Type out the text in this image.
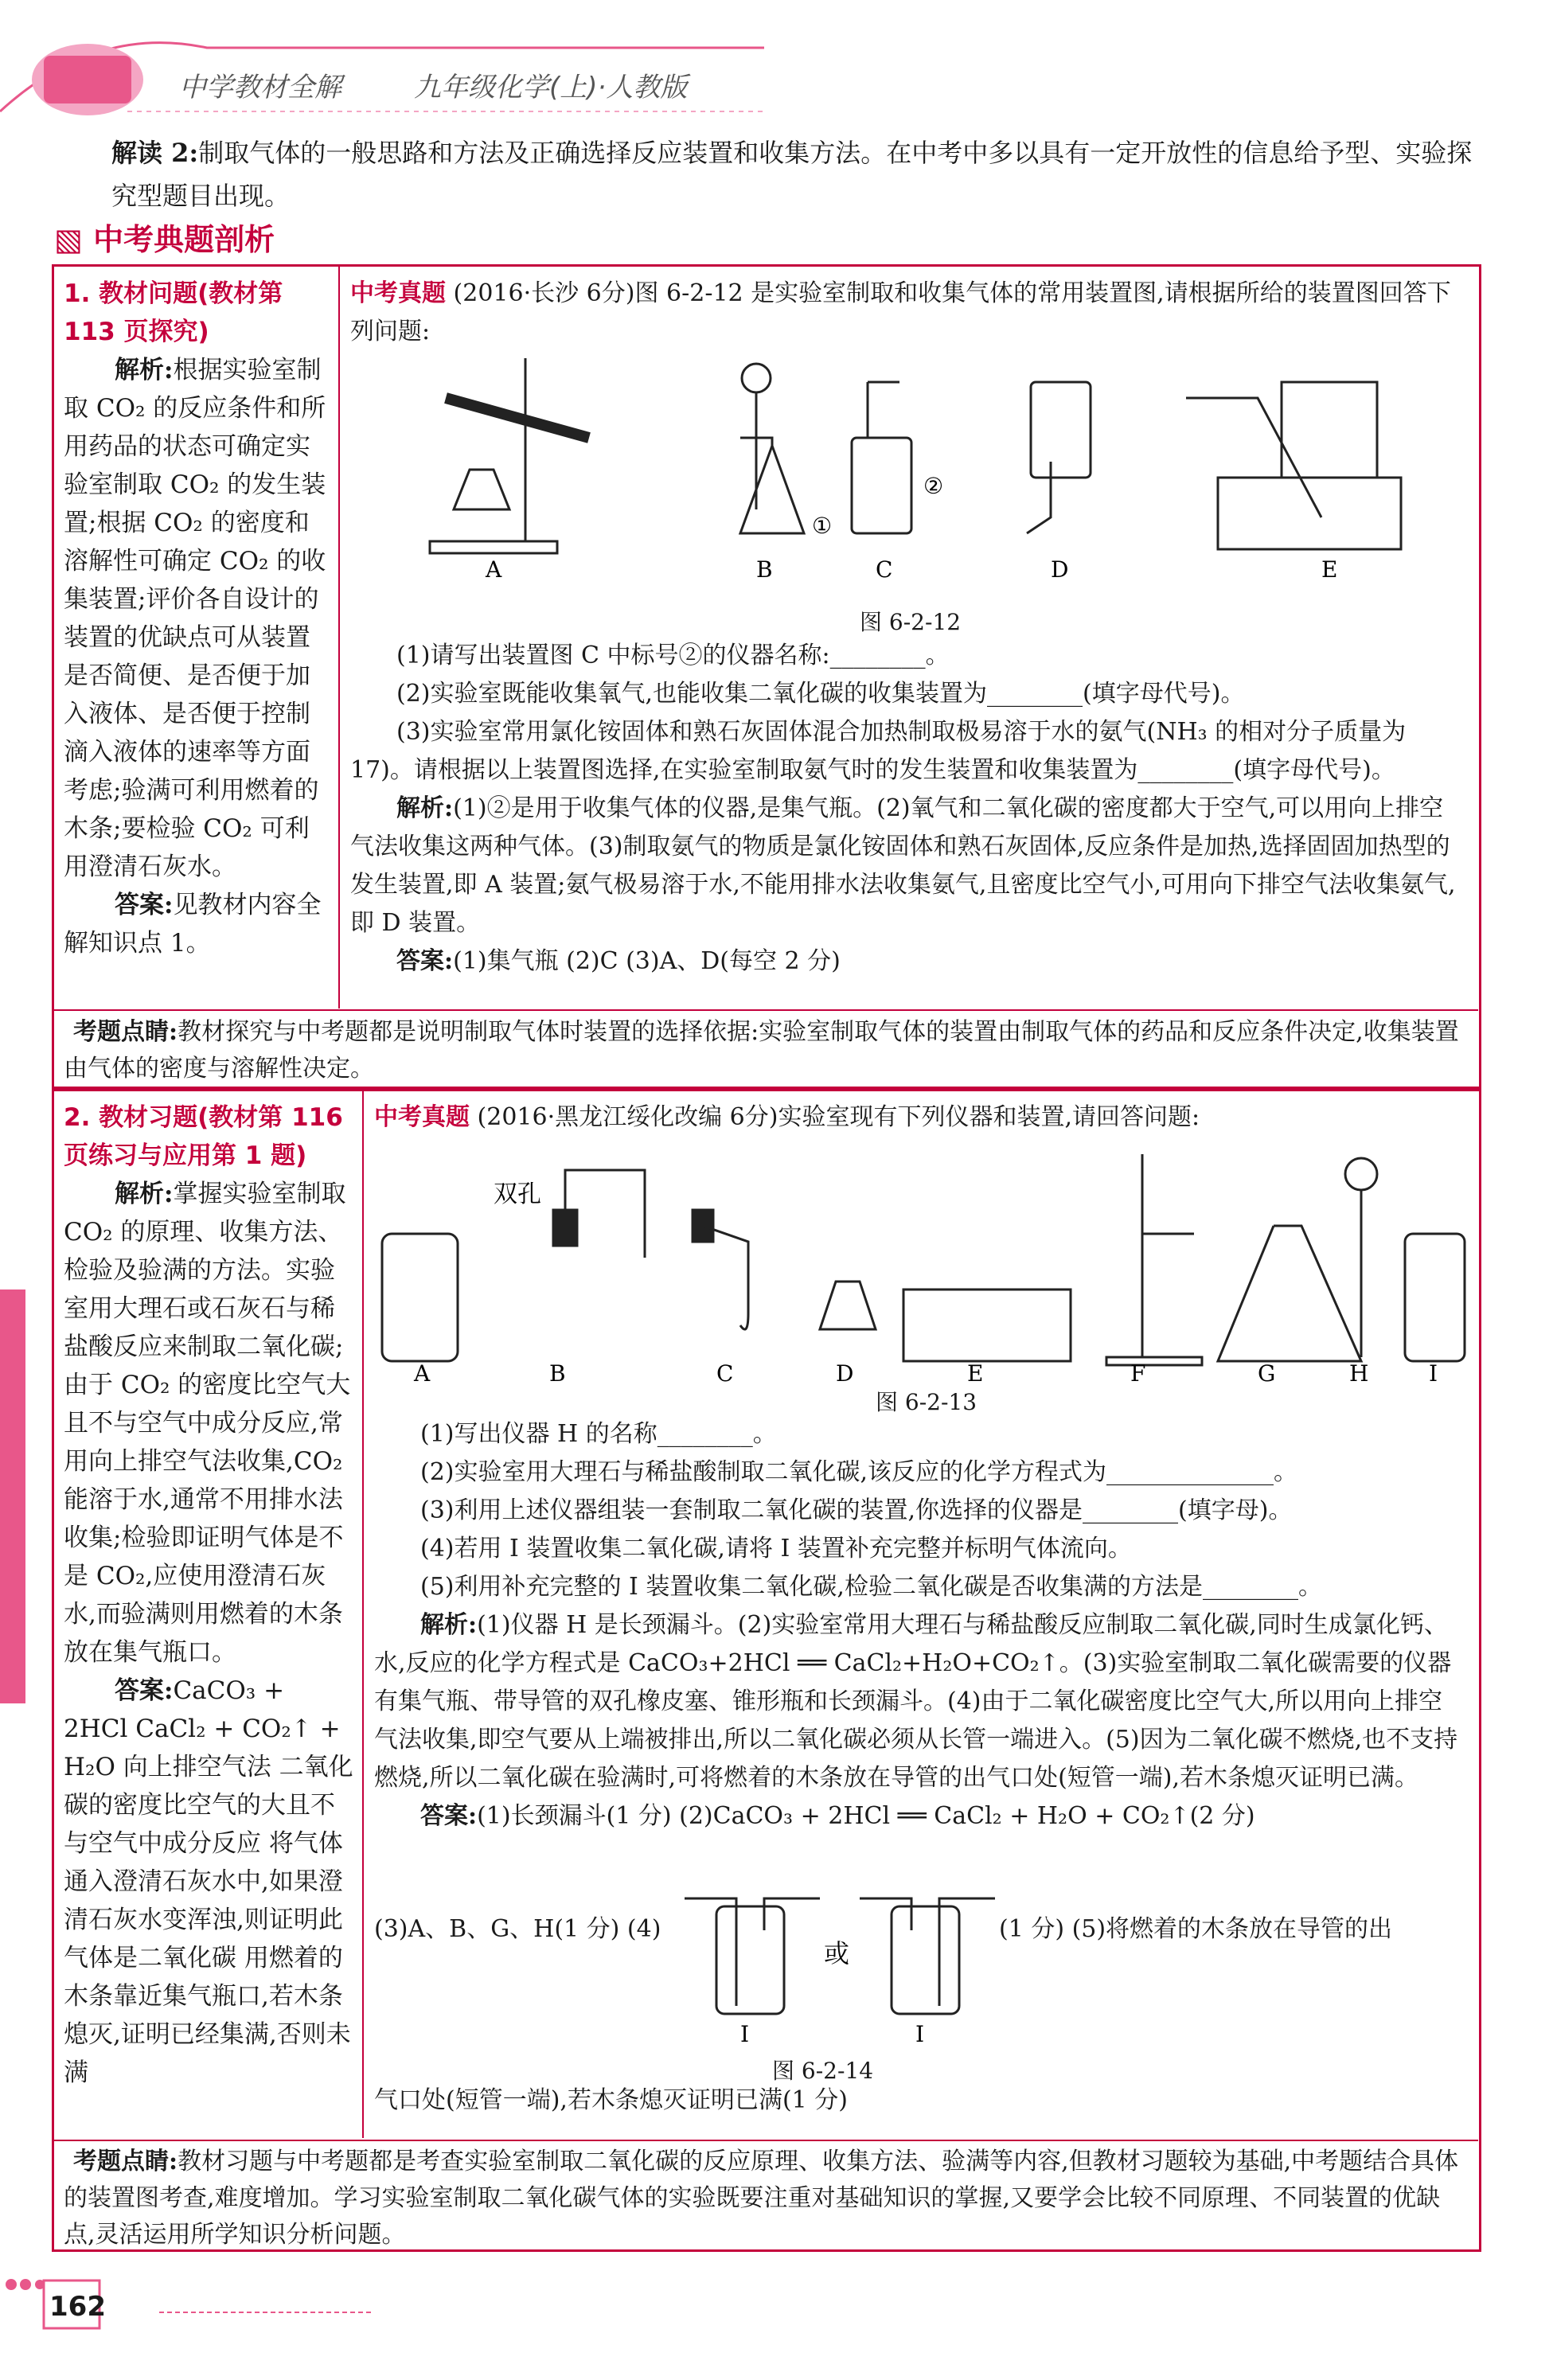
中学教材全解	九年级化学(上)·人教版
解读 2:制取气体的一般思路和方法及正确选择反应装置和收集方法。在中考中多以具有一定开放性的信息给予型、实验探究型题目出现。
▧ 中考典题剖析
1. 教材问题(教材第 113 页探究)
解析:根据实验室制取 CO₂ 的反应条件和所用药品的状态可确定实验室制取 CO₂ 的发生装置;根据 CO₂ 的密度和溶解性可确定 CO₂ 的收集装置;评价各自设计的装置的优缺点可从装置是否简便、是否便于加入液体、是否便于控制滴入液体的速率等方面考虑;验满可利用燃着的木条;要检验 CO₂ 可利用澄清石灰水。
答案:见教材内容全解知识点 1。
中考真题 (2016·长沙 6分)图 6-2-12 是实验室制取和收集气体的常用装置图,请根据所给的装置图回答下列问题:
A	B	C	D	E
①
②
图 6-2-12
(1)请写出装置图 C 中标号②的仪器名称:________。
(2)实验室既能收集氧气,也能收集二氧化碳的收集装置为________(填字母代号)。
(3)实验室常用氯化铵固体和熟石灰固体混合加热制取极易溶于水的氨气(NH₃ 的相对分子质量为 17)。请根据以上装置图选择,在实验室制取氨气时的发生装置和收集装置为________(填字母代号)。
解析:(1)②是用于收集气体的仪器,是集气瓶。(2)氧气和二氧化碳的密度都大于空气,可以用向上排空气法收集这两种气体。(3)制取氨气的物质是氯化铵固体和熟石灰固体,反应条件是加热,选择固固加热型的发生装置,即 A 装置;氨气极易溶于水,不能用排水法收集氨气,且密度比空气小,可用向下排空气法收集氨气,即 D 装置。
答案:(1)集气瓶 (2)C (3)A、D(每空 2 分)
考题点睛:教材探究与中考题都是说明制取气体时装置的选择依据:实验室制取气体的装置由制取气体的药品和反应条件决定,收集装置由气体的密度与溶解性决定。
2. 教材习题(教材第 116 页练习与应用第 1 题)
解析:掌握实验室制取 CO₂ 的原理、收集方法、检验及验满的方法。实验室用大理石或石灰石与稀盐酸反应来制取二氧化碳;由于 CO₂ 的密度比空气大且不与空气中成分反应,常用向上排空气法收集,CO₂ 能溶于水,通常不用排水法收集;检验即证明气体是不是 CO₂,应使用澄清石灰水,而验满则用燃着的木条放在集气瓶口。
答案:CaCO₃ + 2HCl CaCl₂ + CO₂↑ + H₂O 向上排空气法 二氧化碳的密度比空气的大且不与空气中成分反应 将气体通入澄清石灰水中,如果澄清石灰水变浑浊,则证明此气体是二氧化碳 用燃着的木条靠近集气瓶口,若木条熄灭,证明已经集满,否则未满
中考真题 (2016·黑龙江绥化改编 6分)实验室现有下列仪器和装置,请回答问题:
A	B
双孔
C	D	E	F	G	H	I
图 6-2-13
(1)写出仪器 H 的名称________。
(2)实验室用大理石与稀盐酸制取二氧化碳,该反应的化学方程式为______________。
(3)利用上述仪器组装一套制取二氧化碳的装置,你选择的仪器是________(填字母)。
(4)若用 I 装置收集二氧化碳,请将 I 装置补充完整并标明气体流向。
(5)利用补充完整的 I 装置收集二氧化碳,检验二氧化碳是否收集满的方法是________。
解析:(1)仪器 H 是长颈漏斗。(2)实验室常用大理石与稀盐酸反应制取二氧化碳,同时生成氯化钙、水,反应的化学方程式是 CaCO₃+2HCl ══ CaCl₂+H₂O+CO₂↑。(3)实验室制取二氧化碳需要的仪器有集气瓶、带导管的双孔橡皮塞、锥形瓶和长颈漏斗。(4)由于二氧化碳密度比空气大,所以用向上排空气法收集,即空气要从上端被排出,所以二氧化碳必须从长管一端进入。(5)因为二氧化碳不燃烧,也不支持燃烧,所以二氧化碳在验满时,可将燃着的木条放在导管的出气口处(短管一端),若木条熄灭证明已满。
答案:(1)长颈漏斗(1 分) (2)CaCO₃ + 2HCl ══ CaCl₂ + H₂O + CO₂↑(2 分)
(3)A、B、G、H(1 分) (4)
I	I
或
(1 分) (5)将燃着的木条放在导管的出
图 6-2-14
气口处(短管一端),若木条熄灭证明已满(1 分)
考题点睛:教材习题与中考题都是考查实验室制取二氧化碳的反应原理、收集方法、验满等内容,但教材习题较为基础,中考题结合具体的装置图考查,难度增加。学习实验室制取二氧化碳气体的实验既要注重对基础知识的掌握,又要学会比较不同原理、不同装置的优缺点,灵活运用所学知识分析问题。
162
